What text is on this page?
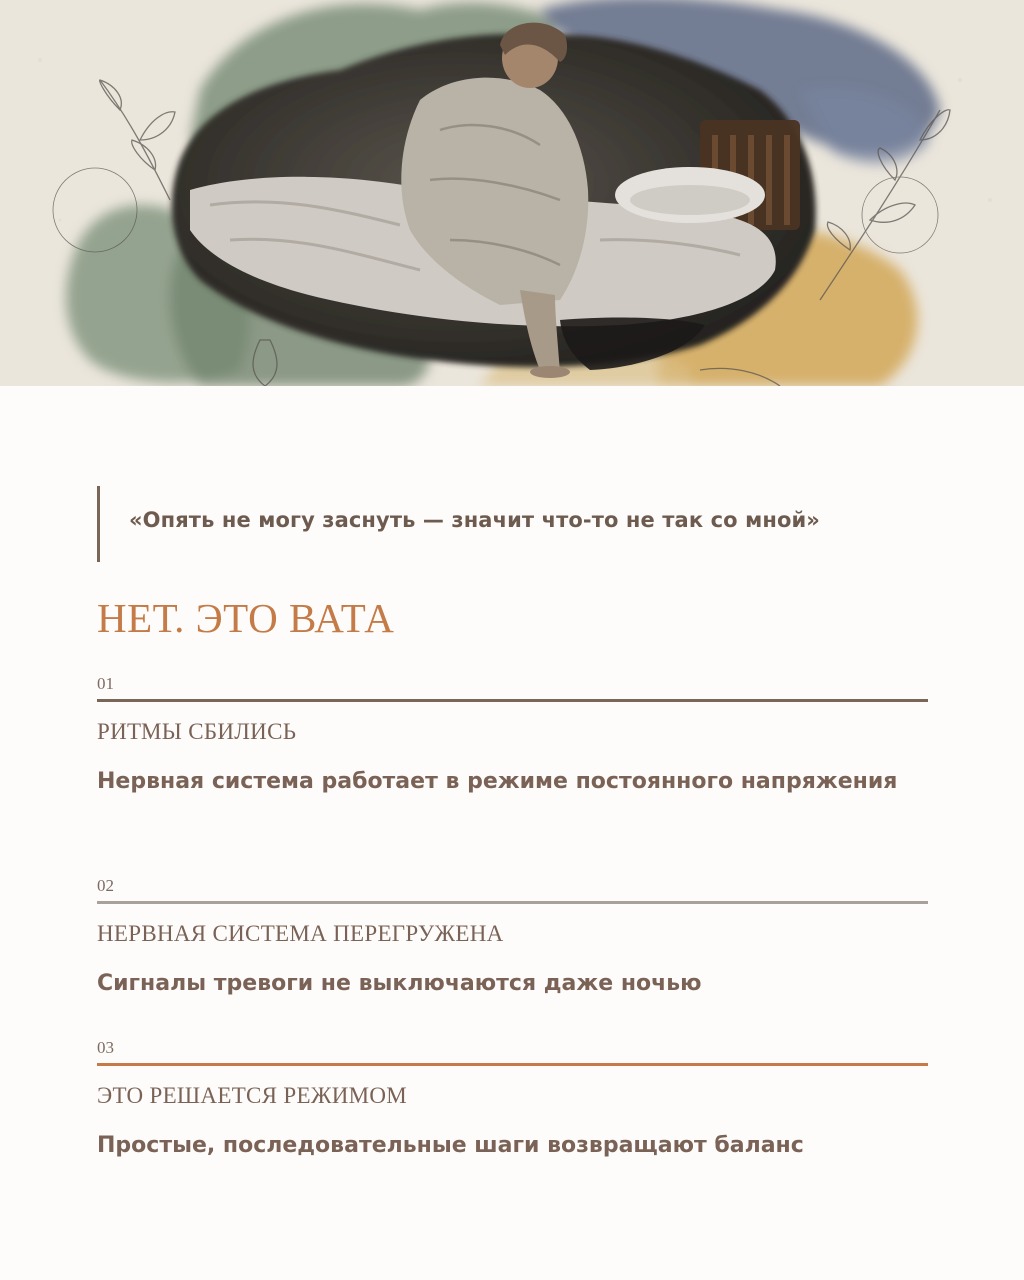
«Опять не могу заснуть — значит что-то не так со мной»

НЕТ. ЭТО ВАТА

01

РИТМЫ СБИЛИСЬ

Нервная система работает в режиме постоянного напряжения

02

НЕРВНАЯ СИСТЕМА ПЕРЕГРУЖЕНА

Сигналы тревоги не выключаются даже ночью

03

ЭТО РЕШАЕТСЯ РЕЖИМОМ

Простые, последовательные шаги возвращают баланс
